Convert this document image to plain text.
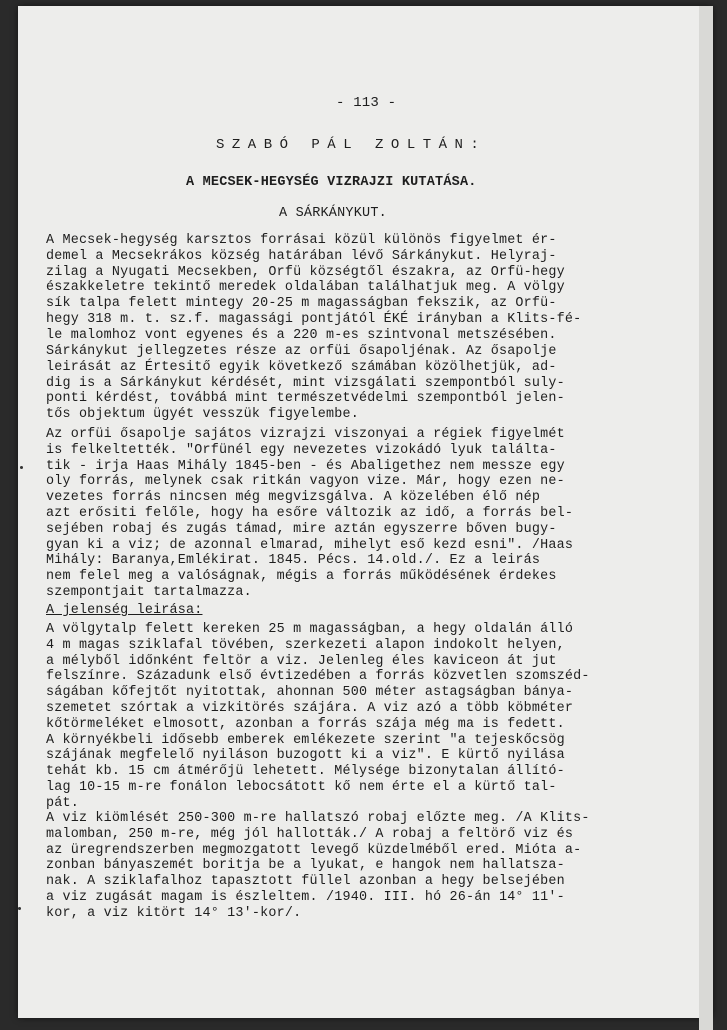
- 113 -
SZABÓ PÁL ZOLTÁN:
A MECSEK-HEGYSÉG VIZRAJZI KUTATÁSA.
A SÁRKÁNYKUT.

A Mecsek-hegység karsztos forrásai közül különös figyelmet ér-
demel a Mecsekrákos község határában lévő Sárkánykut. Helyraj-
zilag a Nyugati Mecsekben, Orfü községtől északra, az Orfü-hegy
északkeletre tekintő meredek oldalában találhatjuk meg. A völgy
sík talpa felett mintegy 20-25 m magasságban fekszik, az Orfü-
hegy 318 m. t. sz.f. magassági pontjától ÉKÉ irányban a Klits-fé-
le malomhoz vont egyenes és a 220 m-es szintvonal metszésében.

Sárkánykut jellegzetes része az orfüi ősapoljénak. Az ősapolje
leirását az Értesitő egyik következő számában közölhetjük, ad-
dig is a Sárkánykut kérdését, mint vizsgálati szempontból suly-
ponti kérdést, továbbá mint természetvédelmi szempontból jelen-
tős objektum ügyét vesszük figyelembe.

Az orfüi ősapolje sajátos vizrajzi viszonyai a régiek figyelmét
is felkeltették. "Orfünél egy nevezetes vizokádó lyuk találta-
tik - irja Haas Mihály 1845-ben - és Abaligethez nem messze egy
oly forrás, melynek csak ritkán vagyon vize. Már, hogy ezen ne-
vezetes forrás nincsen még megvizsgálva. A közelében élő nép
azt erősiti felőle, hogy ha esőre változik az idő, a forrás bel-
sejében robaj és zugás támad, mire aztán egyszerre bőven bugy-
gyan ki a viz; de azonnal elmarad, mihelyt eső kezd esni". /Haas
Mihály: Baranya,Emlékirat. 1845. Pécs. 14.old./. Ez a leirás
nem felel meg a valóságnak, mégis a forrás működésének érdekes
szempontjait tartalmazza.

A jelenség leirása:

A völgytalp felett kereken 25 m magasságban, a hegy oldalán álló
4 m magas sziklafal tövében, szerkezeti alapon indokolt helyen,
a mélyből időnként feltör a viz. Jelenleg éles kaviceon át jut
felszínre. Századunk első évtizedében a forrás közvetlen szomszéd-
ságában kőfejtőt nyitottak, ahonnan 500 méter astagságban bánya-
szemetet szórtak a vizkitörés szájára. A viz azó a több köbméter
kőtörmeléket elmosott, azonban a forrás szája még ma is fedett.
A környékbeli idősebb emberek emlékezete szerint "a tejeskőcsög
szájának megfelelő nyiláson buzogott ki a viz". E kürtő nyilása
tehát kb. 15 cm átmérőjü lehetett. Mélysége bizonytalan állító-
lag 10-15 m-re fonálon lebocsátott kő nem érte el a kürtő tal-
pát.

A viz kiömlését 250-300 m-re hallatszó robaj előzte meg. /A Klits-
malomban, 250 m-re, még jól hallották./ A robaj a feltörő viz és
az üregrendszerben megmozgatott levegő küzdelméből ered. Miótа a-
zonban bányaszemét boritja be a lyukat, e hangok nem hallatsza-
nak. A sziklafalhoz tapasztott füllel azonban a hegy belsejében
a viz zugását magam is észleltem. /1940. III. hó 26-án 14° 11'-
kor, a viz kitört 14° 13'-kor/.
